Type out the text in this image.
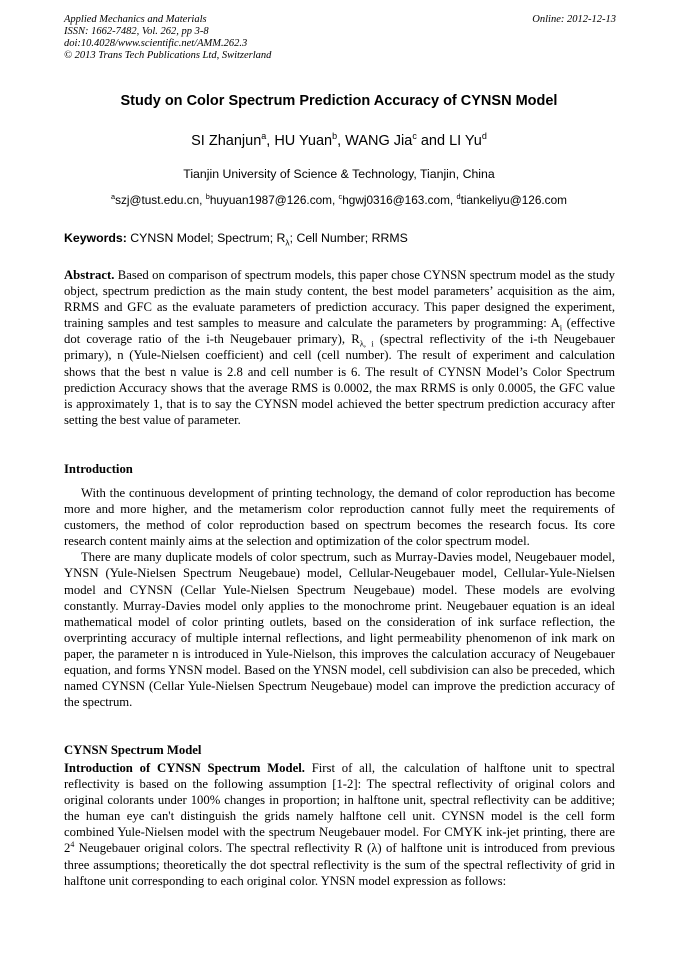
Applied Mechanics and Materials
ISSN: 1662-7482, Vol. 262, pp 3-8
doi:10.4028/www.scientific.net/AMM.262.3
© 2013 Trans Tech Publications Ltd, Switzerland
Online: 2012-12-13
Study on Color Spectrum Prediction Accuracy of CYNSN Model
SI Zhanjun$^a$, HU Yuan$^b$, WANG Jia$^c$ and LI Yu$^d$
Tianjin University of Science & Technology, Tianjin, China
$^a$szj@tust.edu.cn, $^b$huyuan1987@126.com, $^c$hgwj0316@163.com, $^d$tiankeliyu@126.com
Keywords: CYNSN Model; Spectrum; $R_\lambda$; Cell Number; RRMS
Abstract. Based on comparison of spectrum models, this paper chose CYNSN spectrum model as the study object, spectrum prediction as the main study content, the best model parameters’ acquisition as the aim, RRMS and GFC as the evaluate parameters of prediction accuracy. This paper designed the experiment, training samples and test samples to measure and calculate the parameters by programming: $A_i$ (effective dot coverage ratio of the i-th Neugebauer primary), $R_{\lambda, i}$ (spectral reflectivity of the i-th Neugebauer primary), n (Yule-Nielsen coefficient) and cell (cell number). The result of experiment and calculation shows that the best n value is 2.8 and cell number is 6. The result of CYNSN Model’s Color Spectrum prediction Accuracy shows that the average RMS is 0.0002, the max RRMS is only 0.0005, the GFC value is approximately 1, that is to say the CYNSN model achieved the better spectrum prediction accuracy after setting the best value of parameter.
Introduction

With the continuous development of printing technology, the demand of color reproduction has become more and more higher, and the metamerism color reproduction cannot fully meet the requirements of customers, the method of color reproduction based on spectrum becomes the research focus. Its core research content mainly aims at the selection and optimization of the color spectrum model.

There are many duplicate models of color spectrum, such as Murray-Davies model, Neugebauer model, YNSN (Yule-Nielsen Spectrum Neugebaue) model, Cellular-Neugebauer model, Cellular-Yule-Nielsen model and CYNSN (Cellar Yule-Nielsen Spectrum Neugebaue) model. These models are evolving constantly. Murray-Davies model only applies to the monochrome print. Neugebauer equation is an ideal mathematical model of color printing outlets, based on the consideration of ink surface reflection, the overprinting accuracy of multiple internal reflections, and light permeability phenomenon of ink mark on paper, the parameter n is introduced in Yule-Nielson, this improves the calculation accuracy of Neugebauer equation, and forms YNSN model. Based on the YNSN model, cell subdivision can also be preceded, which named CYNSN (Cellar Yule-Nielsen Spectrum Neugebaue) model can improve the prediction accuracy of the spectrum.

CYNSN Spectrum Model
Introduction of CYNSN Spectrum Model. First of all, the calculation of halftone unit to spectral reflectivity is based on the following assumption [1-2]: The spectral reflectivity of original colors and original colorants under 100% changes in proportion; in halftone unit, spectral reflectivity can be additive; the human eye can't distinguish the grids namely halftone cell unit. CYNSN model is the cell form combined Yule-Nielsen model with the spectrum Neugebauer model. For CMYK ink-jet printing, there are $2^4$ Neugebauer original colors. The spectral reflectivity R (λ) of halftone unit is introduced from previous three assumptions; theoretically the dot spectral reflectivity is the sum of the spectral reflectivity of grid in halftone unit corresponding to each original color. YNSN model expression as follows:
